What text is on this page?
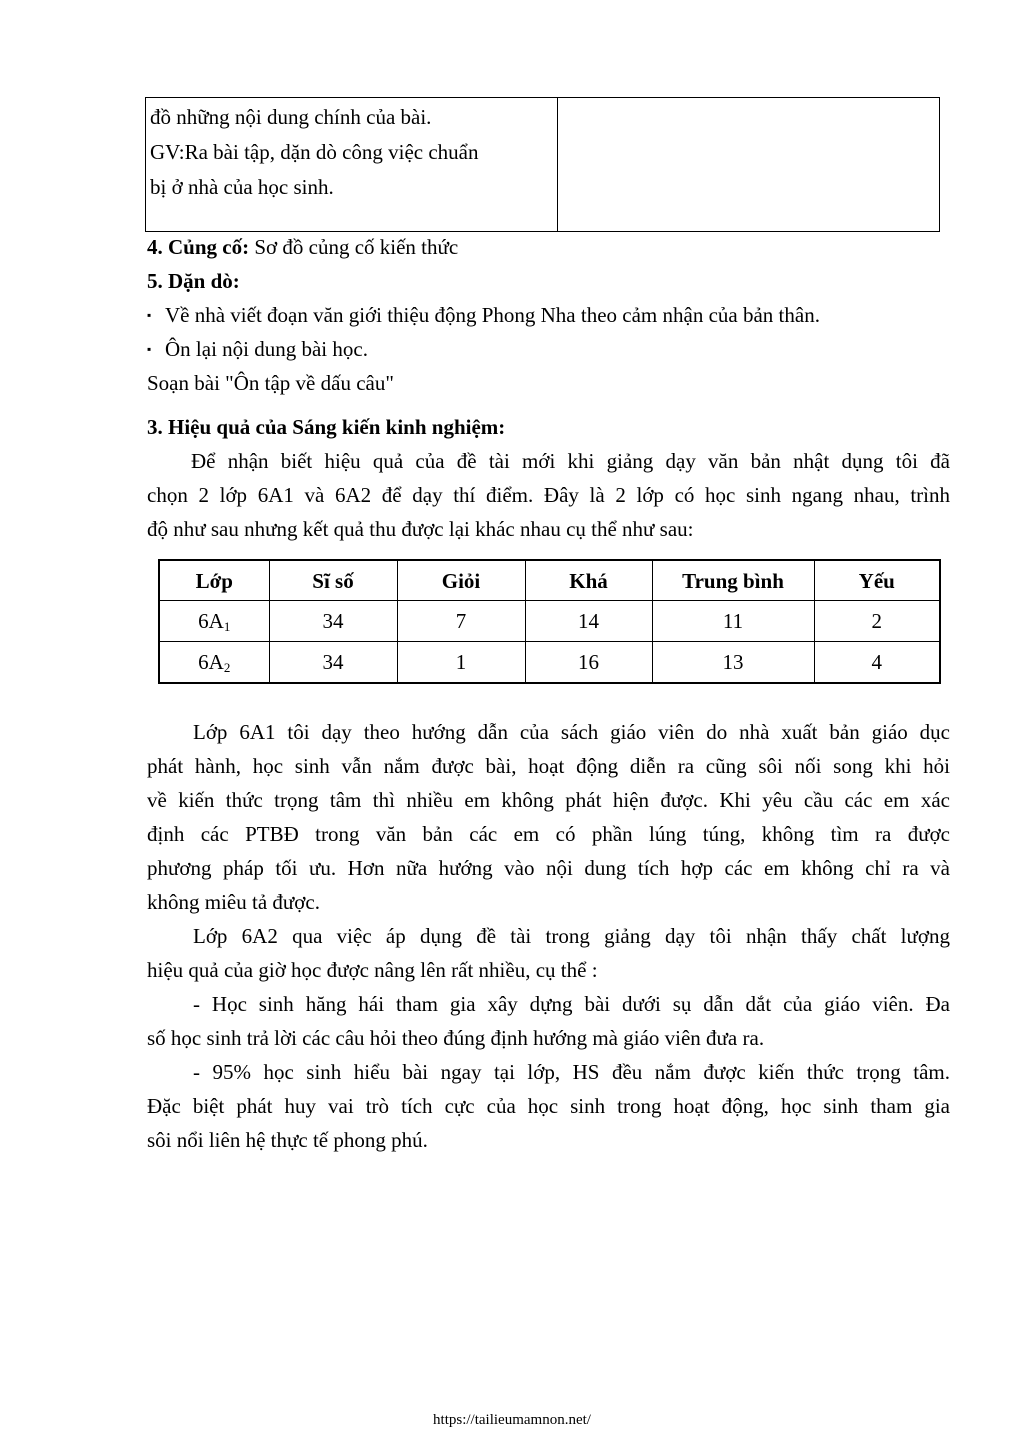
đồ những nội dung chính của bài.
GV:Ra bài tập, dặn dò công việc chuẩn
bị ở nhà của học sinh.

4. Củng cố: Sơ đồ củng cố kiến thức
5. Dặn dò:
▪ Về nhà viết đoạn văn giới thiệu động Phong Nha theo cảm nhận của bản thân.
▪ Ôn lại nội dung bài học.
Soạn bài "Ôn tập về dấu câu"
3. Hiệu quả của Sáng kiến kinh nghiệm:
Để nhận biết hiệu quả của đề tài mới khi giảng dạy văn bản nhật dụng tôi đã
chọn 2 lớp 6A1 và 6A2 để dạy thí điểm. Đây là 2 lớp có học sinh ngang nhau, trình
độ như sau nhưng kết quả thu được lại khác nhau cụ thể như sau:
Lớp	Sĩ số	Giỏi	Khá	Trung bình	Yếu
$6A_1$	34	7	14	11	2
$6A_2$	34	1	16	13	4
Lớp 6A1 tôi dạy theo hướng dẫn của sách giáo viên do nhà xuất bản giáo dục
phát hành, học sinh vẫn nắm được bài, hoạt động diễn ra cũng sôi nối song khi hỏi
về kiến thức trọng tâm thì nhiều em không phát hiện được. Khi yêu cầu các em xác
định các PTBĐ trong văn bản các em có phần lúng túng, không tìm ra được
phương pháp tối ưu. Hơn nữa hướng vào nội dung tích hợp các em không chỉ ra và
không miêu tả được.
Lớp 6A2 qua việc áp dụng đề tài trong giảng dạy tôi nhận thấy chất lượng
hiệu quả của giờ học được nâng lên rất nhiều, cụ thể :
- Học sinh hăng hái tham gia xây dựng bài dưới sụ dẫn dắt của giáo viên. Đa
số học sinh trả lời các câu hỏi theo đúng định hướng mà giáo viên đưa ra.
- 95% học sinh hiểu bài ngay tại lớp, HS đều nắm được kiến thức trọng tâm.
Đặc biệt phát huy vai trò tích cực của học sinh trong hoạt động, học sinh tham gia
sôi nổi liên hệ thực tế phong phú.
https://tailieumamnon.net/
